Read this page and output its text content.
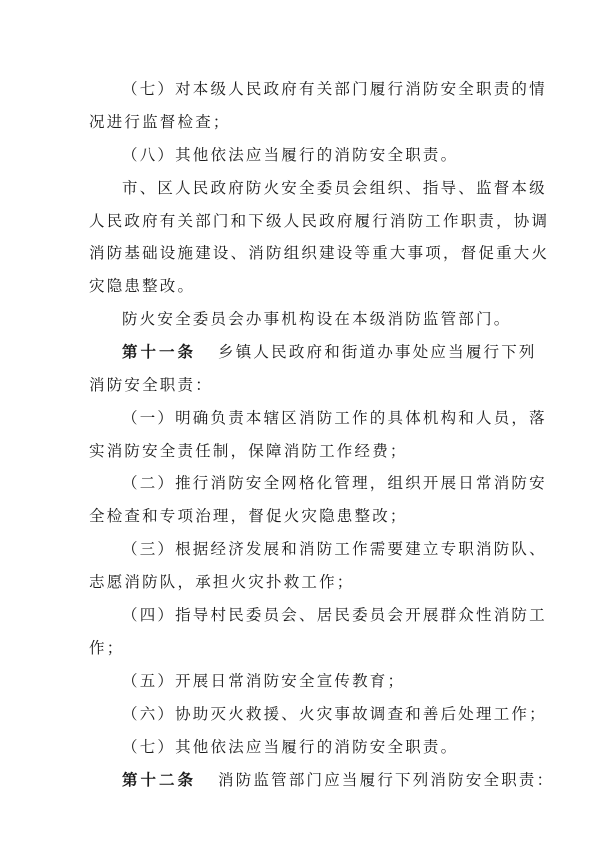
（七）对本级人民政府有关部门履行消防安全职责的情
况进行监督检查；
（八）其他依法应当履行的消防安全职责。
市、区人民政府防火安全委员会组织、指导、监督本级
人民政府有关部门和下级人民政府履行消防工作职责，协调
消防基础设施建设、消防组织建设等重大事项，督促重大火
灾隐患整改。
防火安全委员会办事机构设在本级消防监管部门。
第十一条 乡镇人民政府和街道办事处应当履行下列
消防安全职责：
（一）明确负责本辖区消防工作的具体机构和人员，落
实消防安全责任制，保障消防工作经费；
（二）推行消防安全网格化管理，组织开展日常消防安
全检查和专项治理，督促火灾隐患整改；
（三）根据经济发展和消防工作需要建立专职消防队、
志愿消防队，承担火灾扑救工作；
（四）指导村民委员会、居民委员会开展群众性消防工
作；
（五）开展日常消防安全宣传教育；
（六）协助灭火救援、火灾事故调查和善后处理工作；
（七）其他依法应当履行的消防安全职责。
第十二条 消防监管部门应当履行下列消防安全职责：
